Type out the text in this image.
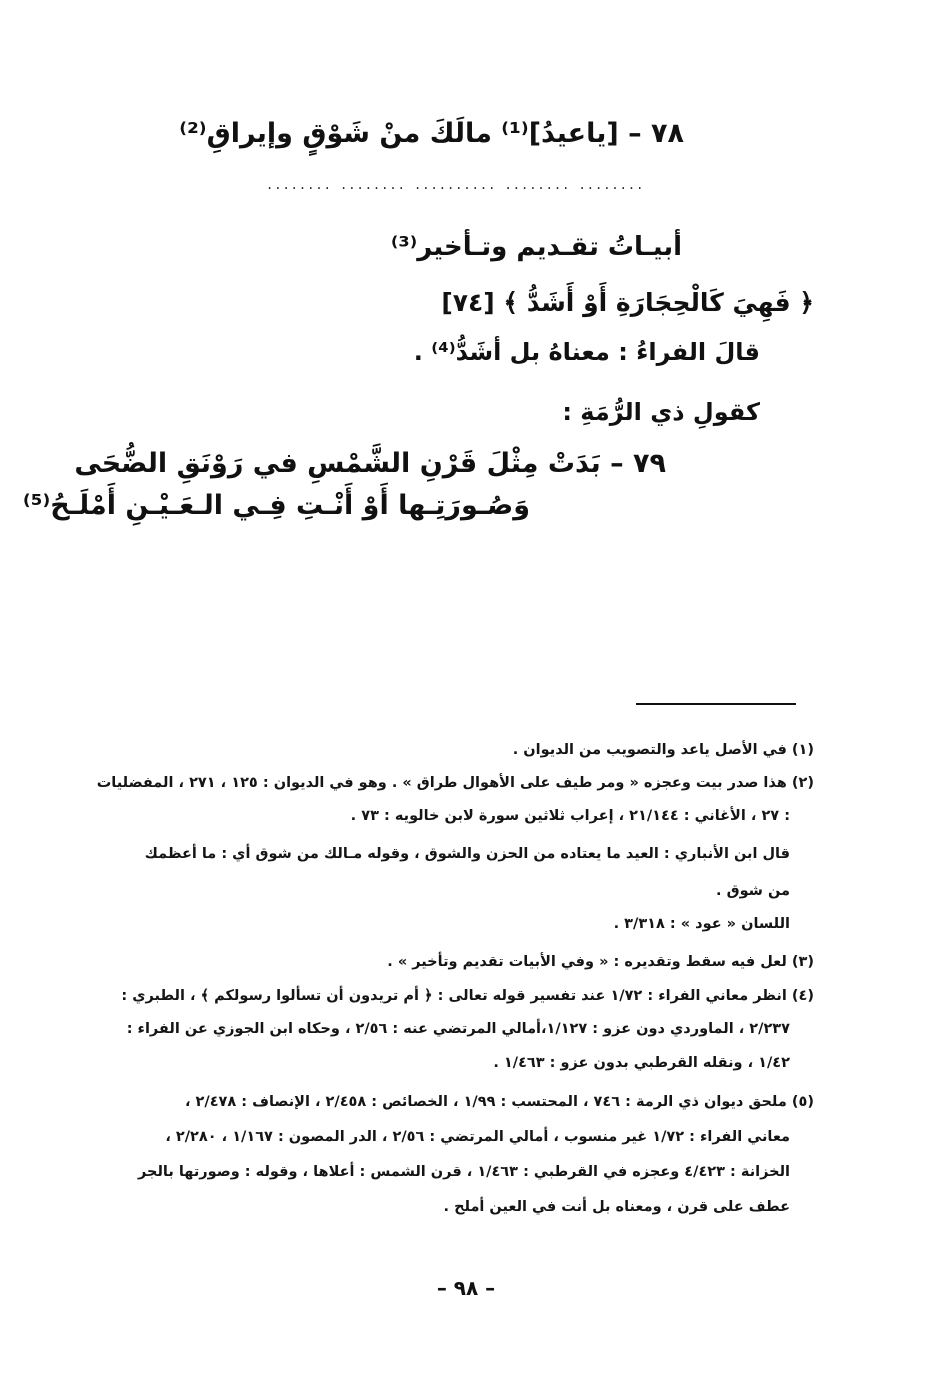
٧٨ – [ياعيدُ]⁽¹⁾ مالَكَ منْ شَوْقٍ وإيراقِ⁽²⁾
........ ........ .......... ........ ........
أبيـاتُ تقـديم وتـأخير⁽³⁾
﴿ فَهِيَ كَالْحِجَارَةِ أَوْ أَشَدُّ ﴾ [٧٤]
قالَ الفراءُ : معناهُ بل أشَدُّ⁽⁴⁾ .
كقولِ ذي الرُّمَةِ :
٧٩ – بَدَتْ مِثْلَ قَرْنِ الشَّمْسِ في رَوْنَقِ الضُّحَى
وَصُـورَتِـها أَوْ أَنْـتِ فِـي الـعَـيْـنِ أَمْلَـحُ⁽⁵⁾
(١) في الأصل ياعد والتصويب من الديوان .
(٢) هذا صدر بيت وعجزه « ومر طيف على الأهوال طراق » . وهو في الديوان : ١٢٥ ، ٢٧١ ، المفضليات
: ٢٧ ، الأغاني : ٢١/١٤٤ ، إعراب ثلاثين سورة لابن خالويه : ٧٣ .
قال ابن الأنباري : العيد ما يعتاده من الحزن والشوق ، وقوله مـالك من شوق أي : ما أعظمك
من شوق .
اللسان « عود » : ٣/٣١٨ .
(٣) لعل فيه سقط وتقديره : « وفي الأبيات تقديم وتأخير » .
(٤) انظر معاني الفراء : ١/٧٢ عند تفسير قوله تعالى : ﴿ أم تريدون أن تسألوا رسولكم ﴾ ، الطبري :
٢/٢٣٧ ، الماوردي دون عزو : ١/١٢٧،أمالي المرتضي عنه : ٢/٥٦ ، وحكاه ابن الجوزي عن الفراء :
١/٤٢ ، ونقله القرطبي بدون عزو : ١/٤٦٣ .
(٥) ملحق ديوان ذي الرمة : ٧٤٦ ، المحتسب : ١/٩٩ ، الخصائص : ٢/٤٥٨ ، الإنصاف : ٢/٤٧٨ ،
معاني الفراء : ١/٧٢ غير منسوب ، أمالي المرتضي : ٢/٥٦ ، الدر المصون : ١/١٦٧ ، ٢/٢٨٠ ،
الخزانة : ٤/٤٢٣ وعجزه في القرطبي : ١/٤٦٣ ، قرن الشمس : أعلاها ، وقوله : وصورتها بالجر
عطف على قرن ، ومعناه بل أنت في العين أملح .
– ٩٨ –
